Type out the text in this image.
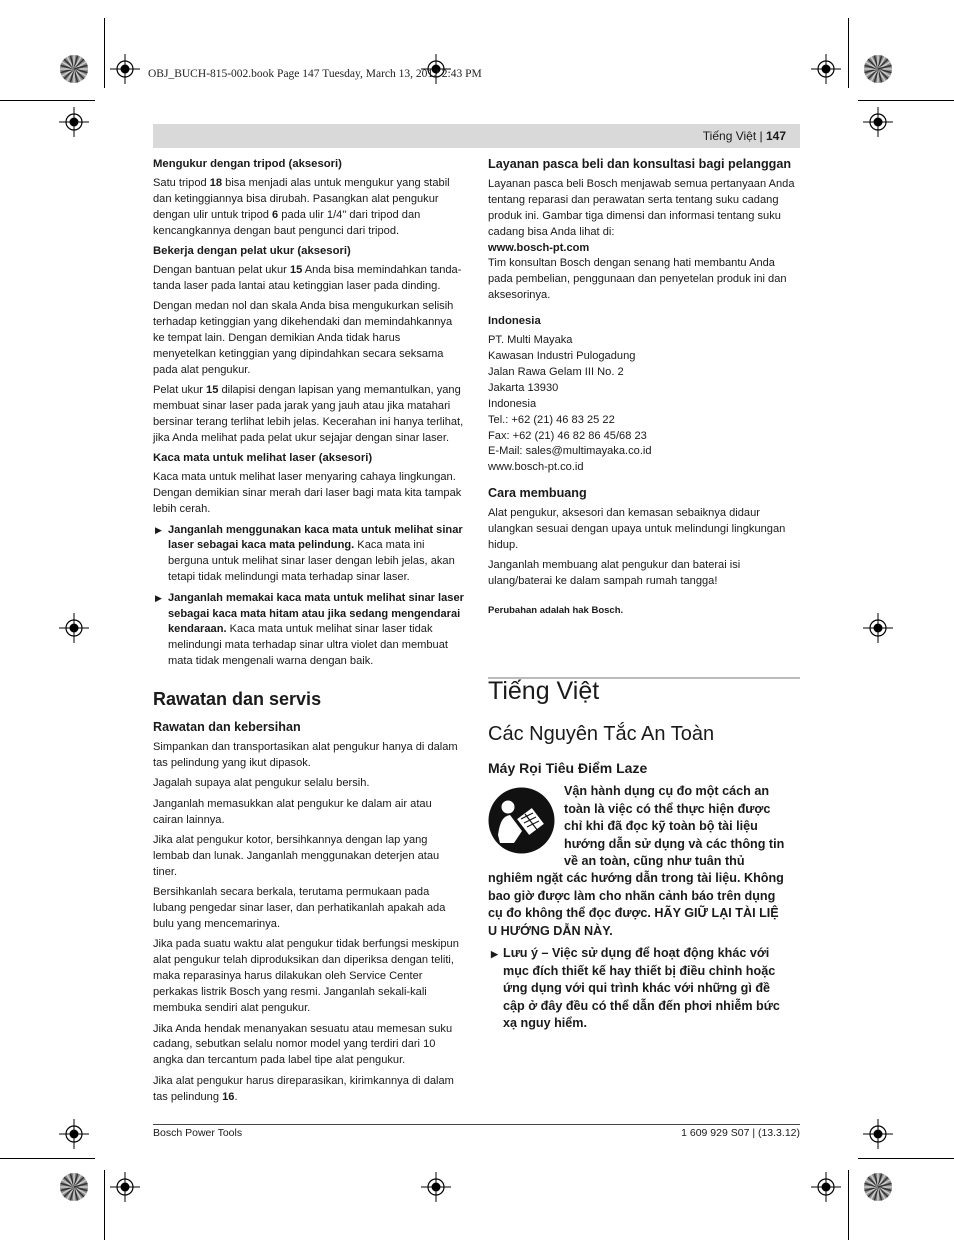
OBJ_BUCH-815-002.book Page 147 Tuesday, March 13, 2012 2:43 PM
Tiếng Việt | 147
Mengukur dengan tripod (aksesori)

Satu tripod 18 bisa menjadi alas untuk mengukur yang stabil dan ketinggiannya bisa dirubah. Pasangkan alat pengukur dengan ulir untuk tripod 6 pada ulir 1/4" dari tripod dan kencangkannya dengan baut pengunci dari tripod.

Bekerja dengan pelat ukur (aksesori)

Dengan bantuan pelat ukur 15 Anda bisa memindahkan tanda-tanda laser pada lantai atau ketinggian laser pada dinding.

Dengan medan nol dan skala Anda bisa mengukurkan selisih terhadap ketinggian yang dikehendaki dan memindahkannya ke tempat lain. Dengan demikian Anda tidak harus menyetelkan ketinggian yang dipindahkan secara seksama pada alat pengukur.

Pelat ukur 15 dilapisi dengan lapisan yang memantulkan, yang membuat sinar laser pada jarak yang jauh atau jika matahari bersinar terang terlihat lebih jelas. Kecerahan ini hanya terlihat, jika Anda melihat pada pelat ukur sejajar dengan sinar laser.

Kaca mata untuk melihat laser (aksesori)

Kaca mata untuk melihat laser menyaring cahaya lingkungan. Dengan demikian sinar merah dari laser bagi mata kita tampak lebih cerah.

▶ Janganlah menggunakan kaca mata untuk melihat sinar laser sebagai kaca mata pelindung. Kaca mata ini berguna untuk melihat sinar laser dengan lebih jelas, akan tetapi tidak melindungi mata terhadap sinar laser.
▶ Janganlah memakai kaca mata untuk melihat sinar laser sebagai kaca mata hitam atau jika sedang mengendarai kendaraan. Kaca mata untuk melihat sinar laser tidak melindungi mata terhadap sinar ultra violet dan membuat mata tidak mengenali warna dengan baik.
Rawatan dan servis
Rawatan dan kebersihan

Simpankan dan transportasikan alat pengukur hanya di dalam tas pelindung yang ikut dipasok.

Jagalah supaya alat pengukur selalu bersih.

Janganlah memasukkan alat pengukur ke dalam air atau cairan lainnya.

Jika alat pengukur kotor, bersihkannya dengan lap yang lembab dan lunak. Janganlah menggunakan deterjen atau tiner.

Bersihkanlah secara berkala, terutama permukaan pada lubang pengedar sinar laser, dan perhatikanlah apakah ada bulu yang mencemarinya.

Jika pada suatu waktu alat pengukur tidak berfungsi meskipun alat pengukur telah diproduksikan dan diperiksa dengan teliti, maka reparasinya harus dilakukan oleh Service Center perkakas listrik Bosch yang resmi. Janganlah sekali-kali membuka sendiri alat pengukur.

Jika Anda hendak menanyakan sesuatu atau memesan suku cadang, sebutkan selalu nomor model yang terdiri dari 10 angka dan tercantum pada label tipe alat pengukur.

Jika alat pengukur harus direparasikan, kirimkannya di dalam tas pelindung 16.

Layanan pasca beli dan konsultasi bagi pelanggan

Layanan pasca beli Bosch menjawab semua pertanyaan Anda tentang reparasi dan perawatan serta tentang suku cadang produk ini. Gambar tiga dimensi dan informasi tentang suku cadang bisa Anda lihat di:

www.bosch-pt.com

Tim konsultan Bosch dengan senang hati membantu Anda pada pembelian, penggunaan dan penyetelan produk ini dan aksesorinya.

Indonesia

PT. Multi Mayaka
Kawasan Industri Pulogadung
Jalan Rawa Gelam III No. 2
Jakarta 13930
Indonesia
Tel.: +62 (21) 46 83 25 22
Fax: +62 (21) 46 82 86 45/68 23
E-Mail: sales@multimayaka.co.id
www.bosch-pt.co.id

Cara membuang

Alat pengukur, aksesori dan kemasan sebaiknya didaur ulangkan sesuai dengan upaya untuk melindungi lingkungan hidup.

Janganlah membuang alat pengukur dan baterai isi ulang/baterai ke dalam sampah rumah tangga!

Perubahan adalah hak Bosch.

Tiếng Việt
Các Nguyên Tắc An Toàn
Máy Rọi Tiêu Điểm Laze
Vận hành dụng cụ đo một cách an
toàn là việc có thể thực hiện được
chỉ khi đã đọc kỹ toàn bộ tài liệu
hướng dẫn sử dụng và các thông tin
về an toàn, cũng như tuân thủ
nghiêm ngặt các hướng dẫn trong tài liệu. Không
bao giờ được làm cho nhãn cảnh báo trên dụng
cụ đo không thể đọc được. HÃY GIỮ LẠI TÀI LIỆ
U HƯỚNG DẪN NÀY.
▶ Lưu ý – Việc sử dụng để hoạt động khác với
mục đích thiết kế hay thiết bị điều chỉnh hoặc
ứng dụng với qui trình khác với những gì đề
cập ở đây đều có thể dẫn đến phơi nhiễm bức
xạ nguy hiểm.
Bosch Power Tools	1 609 929 S07 | (13.3.12)
